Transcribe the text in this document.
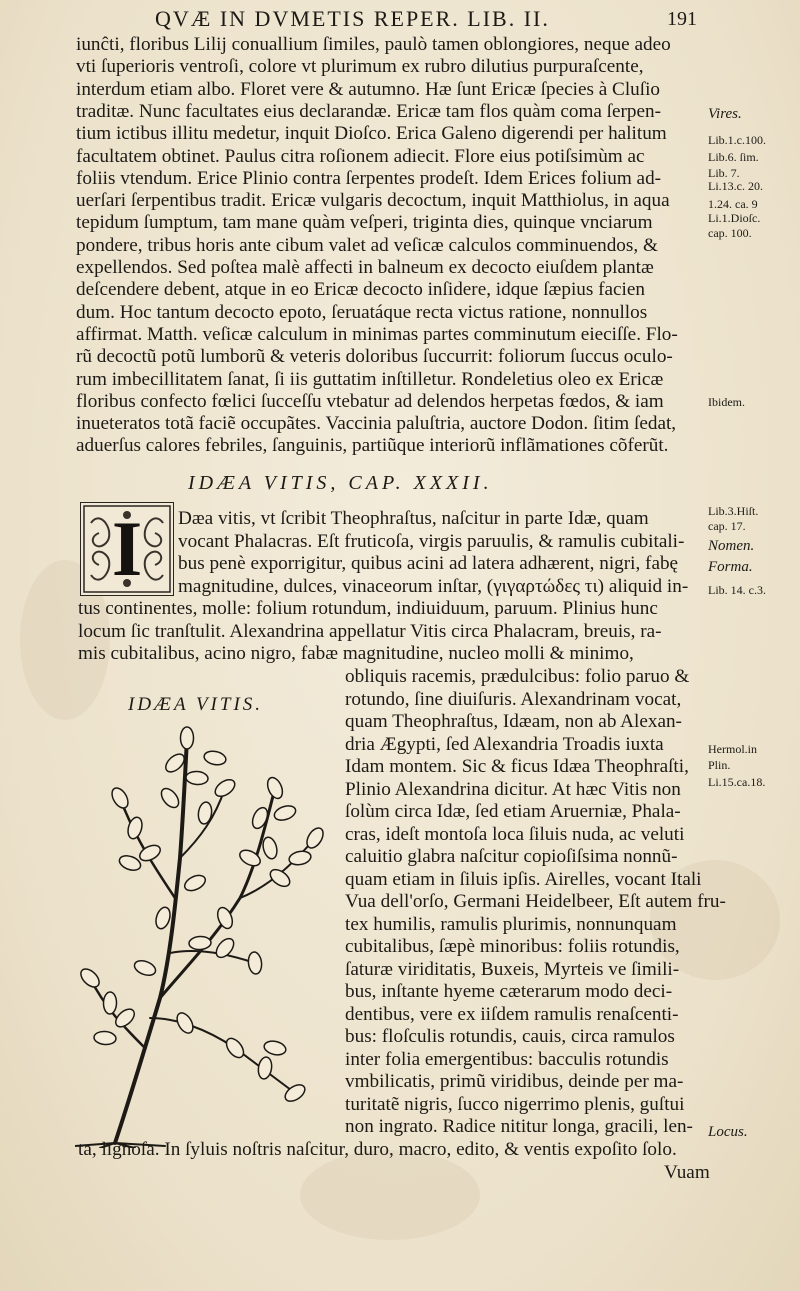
QVÆ IN DVMETIS REPER. LIB. II.	191
iunĉti, floribus Lilij conuallium ſimiles, paulò tamen oblongiores, neque adeo
vti ſuperioris ventroſi, colore vt plurimum ex rubro dilutius purpuraſcente,
interdum etiam albo. Floret vere & autumno. Hæ ſunt Ericæ ſpecies à Cluſio
traditæ. Nunc facultates eius declarandæ. Ericæ tam flos quàm coma ſerpen-
tium ictibus illitu medetur, inquit Dioſco. Erica Galeno digerendi per halitum
facultatem obtinet. Paulus citra roſionem adiecit. Flore eius potiſsimùm ac
foliis vtendum. Erice Plinio contra ſerpentes prodeſt. Idem Erices folium ad-
uerſari ſerpentibus tradit. Ericæ vulgaris decoctum, inquit Matthiolus, in aqua
tepidum ſumptum, tam mane quàm veſperi, triginta dies, quinque vnciarum
pondere, tribus horis ante cibum valet ad veſicæ calculos comminuendos, &
expellendos. Sed poſtea malè affecti in balneum ex decocto eiuſdem plantæ
deſcendere debent, atque in eo Ericæ decocto inſidere, idque ſæpius facien
dum. Hoc tantum decocto epoto, ſeruatáque recta victus ratione, nonnullos
affirmat. Matth. veſicæ calculum in minimas partes comminutum eieciſſe. Flo-
rũ decoctũ potũ lumborũ & veteris doloribus ſuccurrit: foliorum ſuccus oculo-
rum imbecillitatem ſanat, ſi iis guttatim inſtilletur. Rondeletius oleo ex Ericæ
floribus confecto fœlici ſucceſſu vtebatur ad delendos herpetas fœdos, & iam
inueteratos totã faciẽ occupãtes. Vaccinia paluſtria, auctore Dodon. ſitim ſedat,
aduerſus calores febriles, ſanguinis, partiũque interiorũ inflãmationes cõferũt.
Vires.
Lib.1.c.100.
Lib.6. ſim.
Lib. 7.
Li.13.c. 20.
1.24. ca. 9
Li.1.Dioſc.
cap. 100.
Ibidem.
IDÆA VITIS, CAP. XXXII.
I	Dæa vitis, vt ſcribit Theophraſtus, naſcitur in parte Idæ, quam
vocant Phalacras. Eſt fruticoſa, virgis paruulis, & ramulis cubitali-
bus penè exporrigitur, quibus acini ad latera adhærent, nigri, fabę
magnitudine, dulces, vinaceorum inſtar, (γιγαρτώδες τι) aliquid in-
tus continentes, molle: folium rotundum, indiuiduum, paruum. Plinius hunc
locum ſic tranſtulit. Alexandrina appellatur Vitis circa Phalacram, breuis, ra-
mis cubitalibus, acino nigro, fabæ magnitudine, nucleo molli & minimo,
obliquis racemis, prædulcibus: folio paruo &
rotundo, ſine diuiſuris. Alexandrinam vocat,
quam Theophraſtus, Idæam, non ab Alexan-
dria Ægypti, ſed Alexandria Troadis iuxta
Idam montem. Sic & ficus Idæa Theophraſti,
Plinio Alexandrina dicitur. At hæc Vitis non
ſolùm circa Idæ, ſed etiam Aruerniæ, Phala-
cras, ideſt montoſa loca ſiluis nuda, ac veluti
caluitio glabra naſcitur copioſiſsima nonnũ-
quam etiam in ſiluis ipſis. Airelles, vocant Itali
Vua dell'orſo, Germani Heidelbeer, Eſt autem fru-
tex humilis, ramulis plurimis, nonnunquam
cubitalibus, ſæpè minoribus: foliis rotundis,
ſaturæ viriditatis, Buxeis, Myrteis ve ſimili-
bus, inſtante hyeme cæterarum modo deci-
dentibus, vere ex iiſdem ramulis renaſcenti-
bus: floſculis rotundis, cauis, circa ramulos
inter folia emergentibus: bacculis rotundis
vmbilicatis, primũ viridibus, deinde per ma-
turitatẽ nigris, ſucco nigerrimo plenis, guſtui
non ingrato. Radice nititur longa, gracili, len-
ta, lignoſa. In ſyluis noſtris naſcitur, duro, macro, edito, & ventis expoſito ſolo.
Vuam
Lib.3.Hiſt.
cap. 17.
Nomen.
Forma.
Lib. 14. c.3.
Hermol.in
Plin.
Li.15.ca.18.
Locus.
IDÆA VITIS.
